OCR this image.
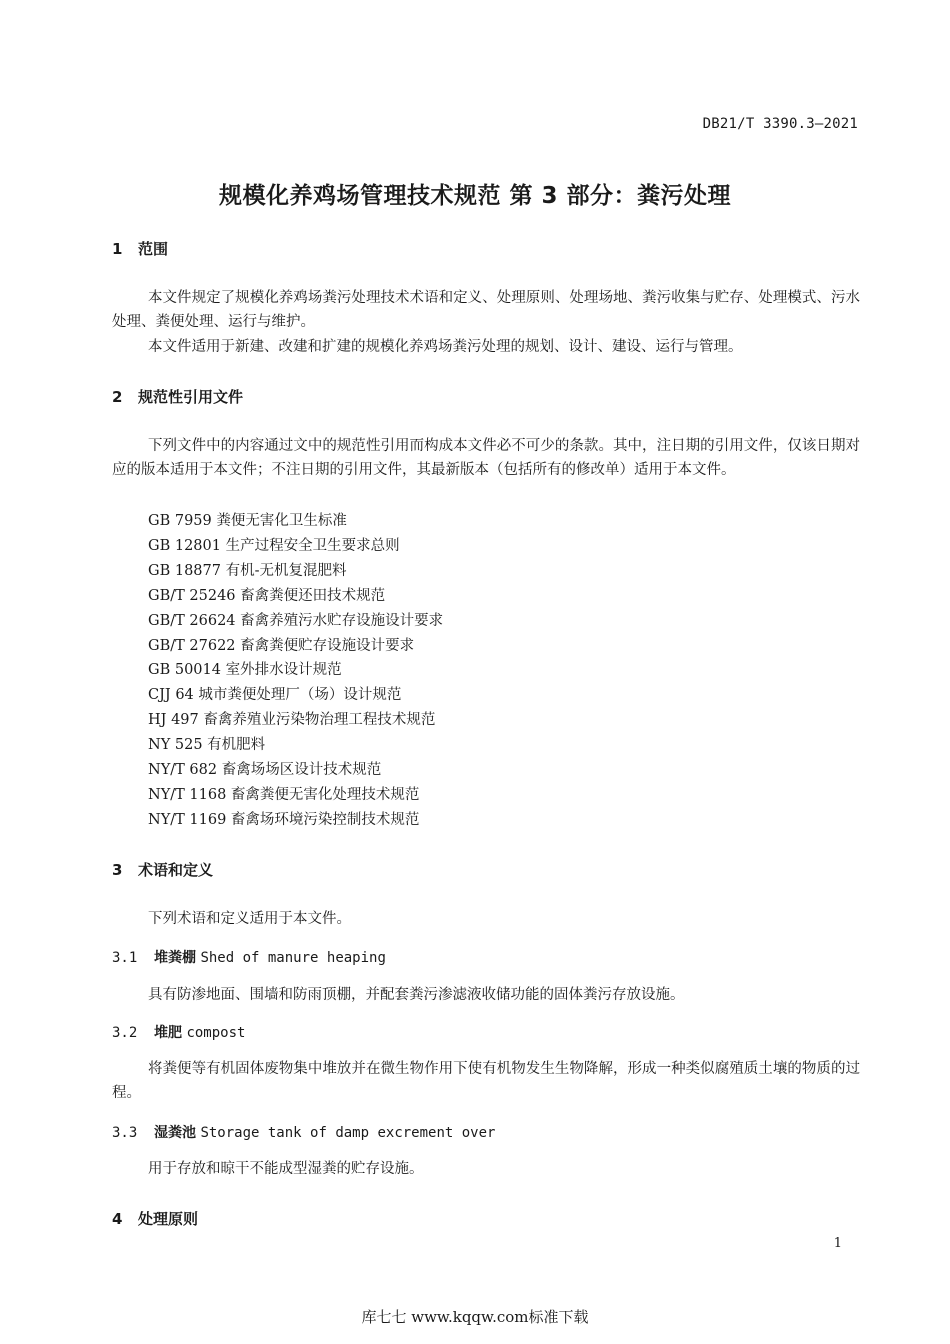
DB21/T 3390.3—2021
规模化养鸡场管理技术规范 第 3 部分：粪污处理
1 范围

本文件规定了规模化养鸡场粪污处理技术术语和定义、处理原则、处理场地、粪污收集与贮存、处理模式、污水处理、粪便处理、运行与维护。

本文件适用于新建、改建和扩建的规模化养鸡场粪污处理的规划、设计、建设、运行与管理。

2 规范性引用文件

下列文件中的内容通过文中的规范性引用而构成本文件必不可少的条款。其中，注日期的引用文件，仅该日期对应的版本适用于本文件；不注日期的引用文件，其最新版本（包括所有的修改单）适用于本文件。

GB 7959 粪便无害化卫生标准
GB 12801 生产过程安全卫生要求总则
GB 18877 有机-无机复混肥料
GB/T 25246 畜禽粪便还田技术规范
GB/T 26624 畜禽养殖污水贮存设施设计要求
GB/T 27622 畜禽粪便贮存设施设计要求
GB 50014 室外排水设计规范
CJJ 64 城市粪便处理厂（场）设计规范
HJ 497 畜禽养殖业污染物治理工程技术规范
NY 525 有机肥料
NY/T 682 畜禽场场区设计技术规范
NY/T 1168 畜禽粪便无害化处理技术规范
NY/T 1169 畜禽场环境污染控制技术规范
3 术语和定义

下列术语和定义适用于本文件。

3.1 堆粪棚 Shed of manure heaping

具有防渗地面、围墙和防雨顶棚，并配套粪污渗滤液收储功能的固体粪污存放设施。

3.2 堆肥 compost

将粪便等有机固体废物集中堆放并在微生物作用下使有机物发生生物降解，形成一种类似腐殖质土壤的物质的过程。

3.3 湿粪池 Storage tank of damp excrement over

用于存放和晾干不能成型湿粪的贮存设施。

4 处理原则
1
库七七 www.kqqw.com标准下载
